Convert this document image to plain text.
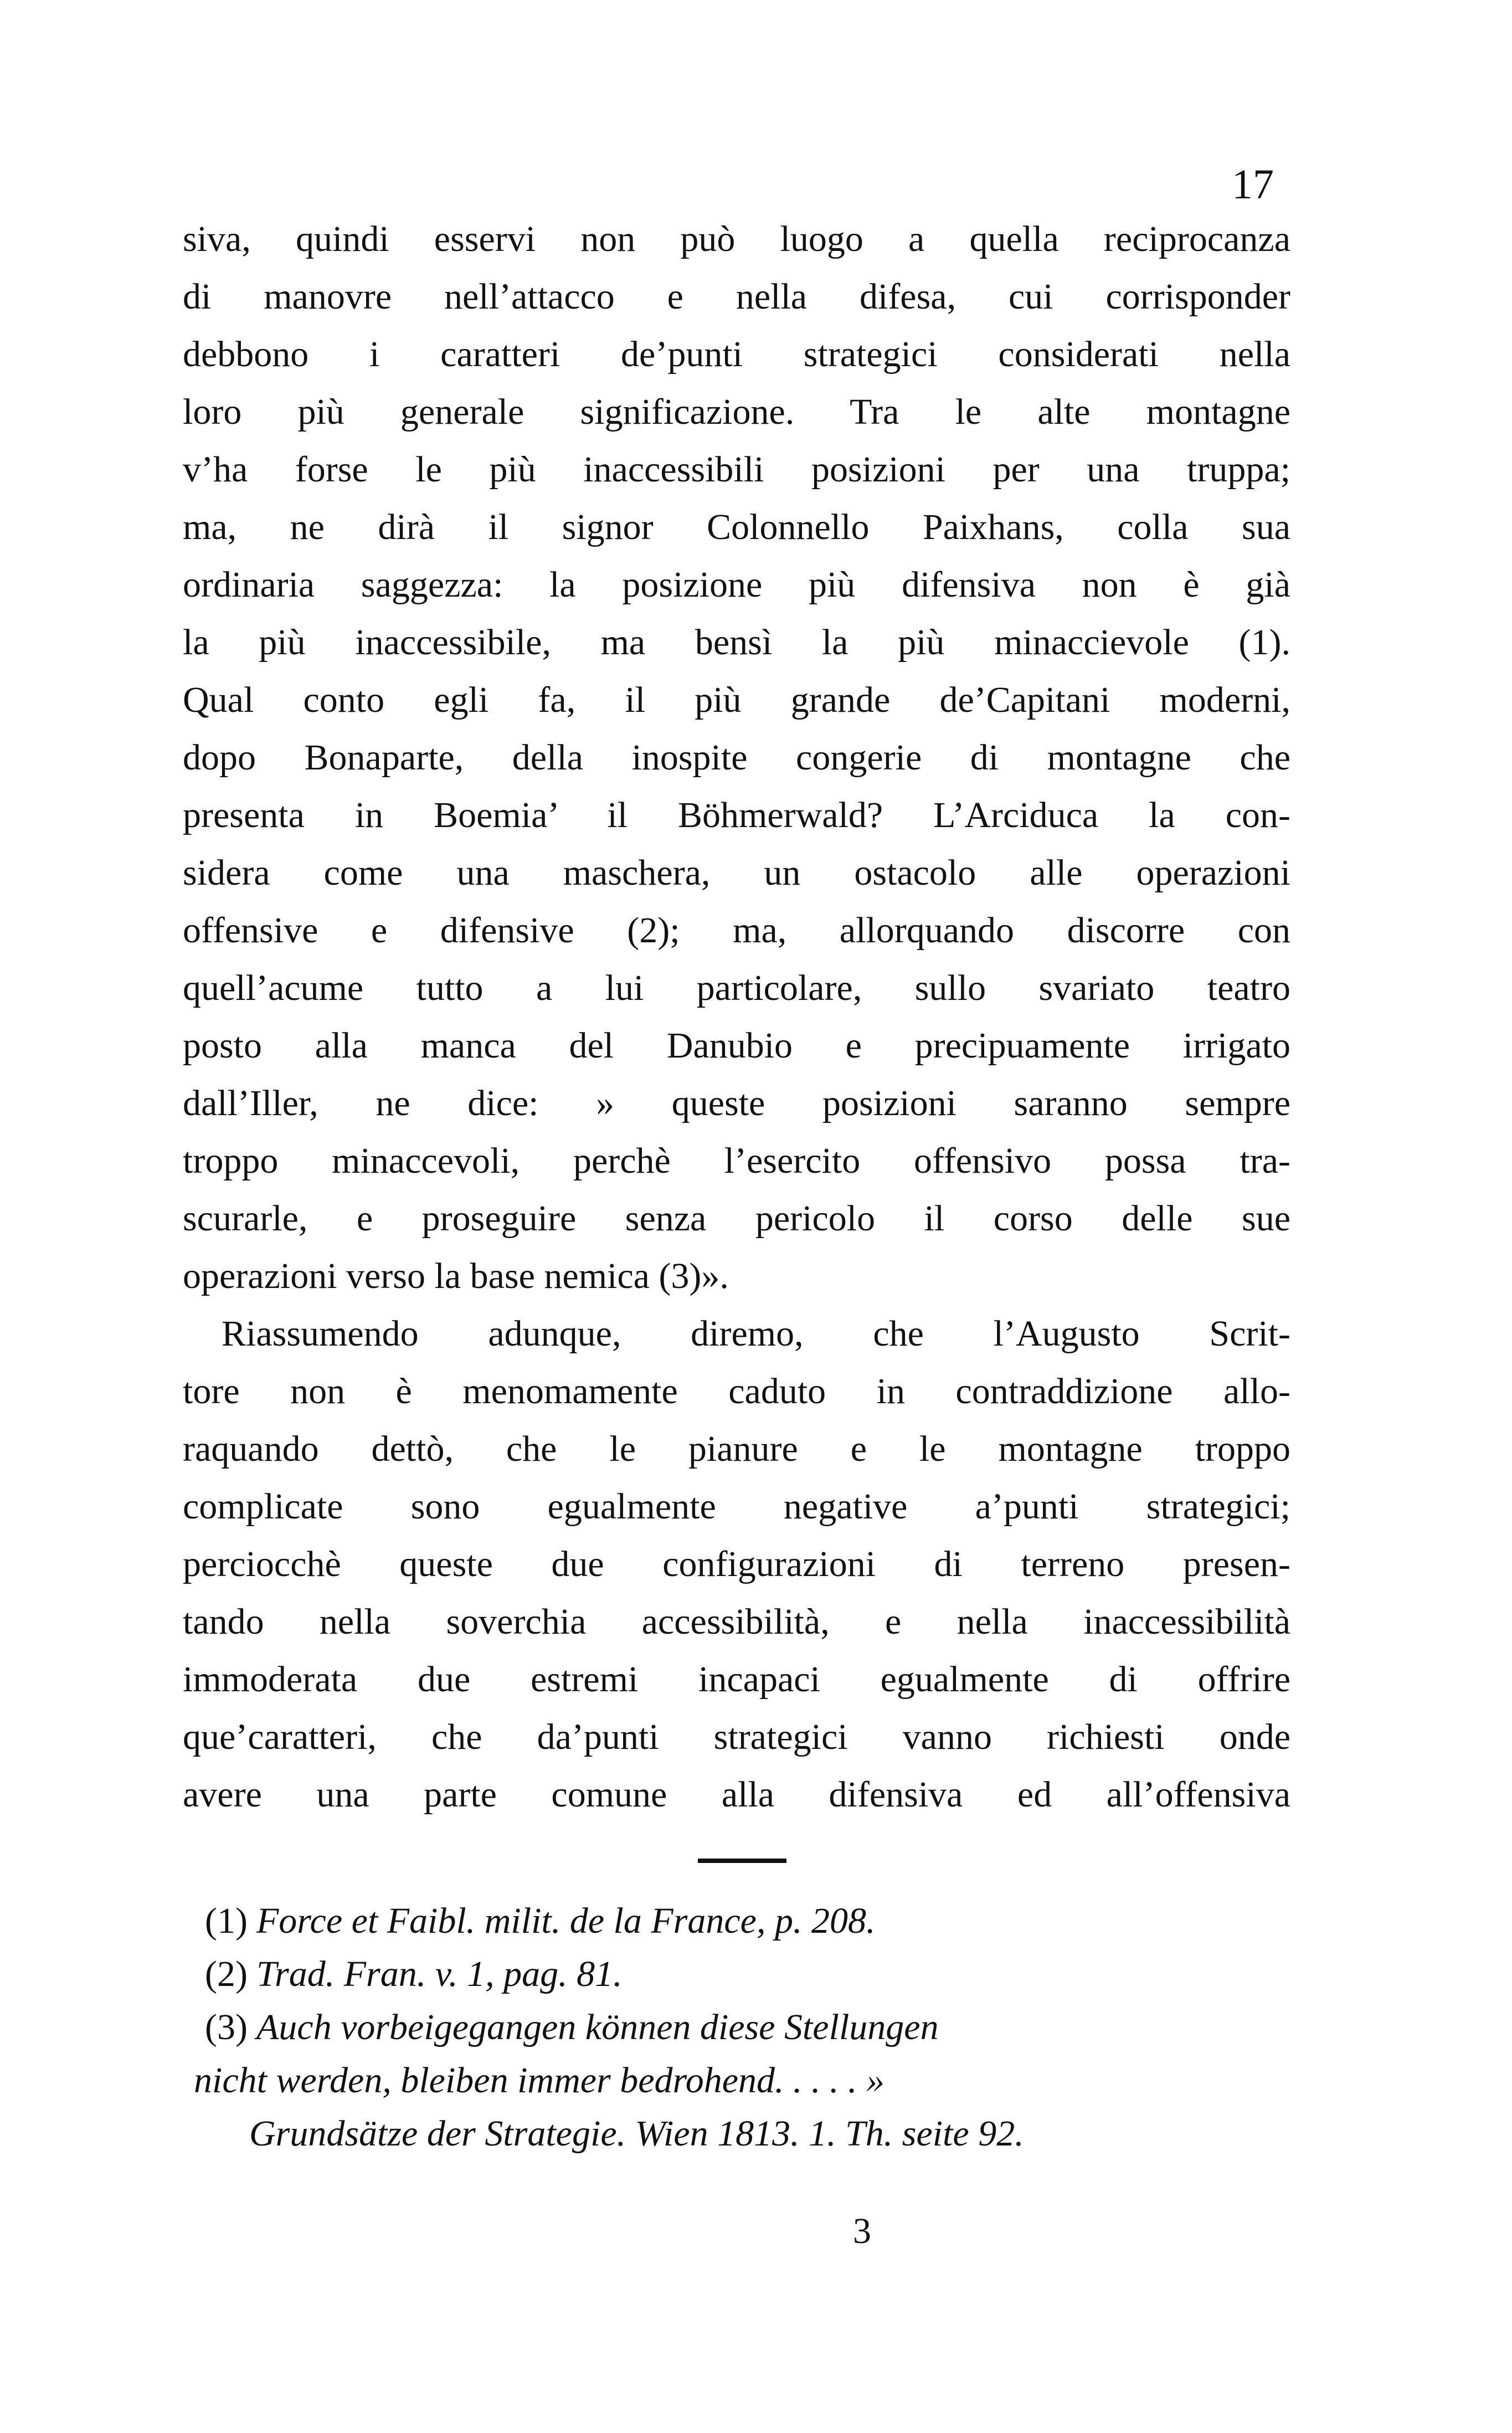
17
siva, quindi esservi non può luogo a quella reciprocanza
di manovre nell’attacco e nella difesa, cui corrisponder
debbono i caratteri de’punti strategici considerati nella
loro più generale significazione. Tra le alte montagne
v’ha forse le più inaccessibili posizioni per una truppa;
ma, ne dirà il signor Colonnello Paixhans, colla sua
ordinaria saggezza: la posizione più difensiva non è già
la più inaccessibile, ma bensì la più minaccievole (1).
Qual conto egli fa, il più grande de’Capitani moderni,
dopo Bonaparte, della inospite congerie di montagne che
presenta in Boemia’ il Böhmerwald? L’Arciduca la con-
sidera come una maschera, un ostacolo alle operazioni
offensive e difensive (2); ma, allorquando discorre con
quell’acume tutto a lui particolare, sullo svariato teatro
posto alla manca del Danubio e precipuamente irrigato
dall’Iller, ne dice: » queste posizioni saranno sempre
troppo minaccevoli, perchè l’esercito offensivo possa tra-
scurarle, e proseguire senza pericolo il corso delle sue
operazioni verso la base nemica (3)».
Riassumendo adunque, diremo, che l’Augusto Scrit-
tore non è menomamente caduto in contraddizione allo-
raquando dettò, che le pianure e le montagne troppo
complicate sono egualmente negative a’punti strategici;
perciocchè queste due configurazioni di terreno presen-
tando nella soverchia accessibilità, e nella inaccessibilità
immoderata due estremi incapaci egualmente di offrire
que’caratteri, che da’punti strategici vanno richiesti onde
avere una parte comune alla difensiva ed all’offensiva
(1) Force et Faibl. milit. de la France, p. 208.
(2) Trad. Fran. v. 1, pag. 81.
(3) Auch vorbeigegangen können diese Stellungen
nicht werden, bleiben immer bedrohend. . . . . »
Grundsätze der Strategie. Wien 1813. 1. Th. seite 92.
3
